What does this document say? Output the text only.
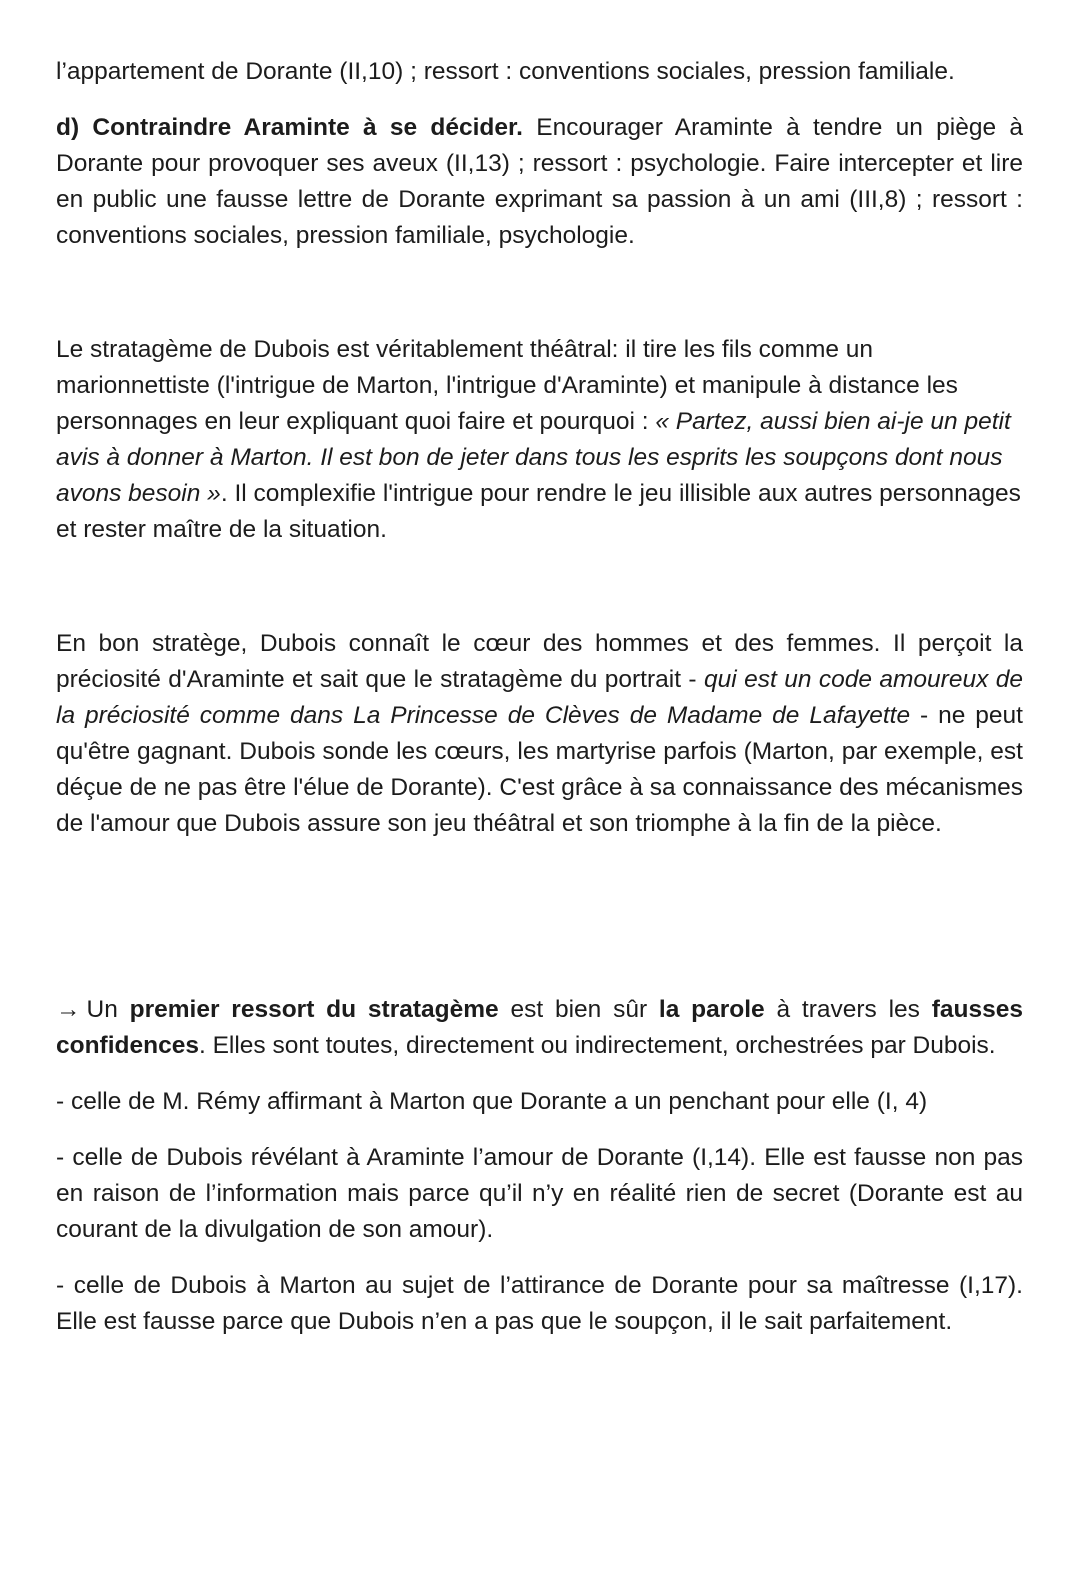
l’appartement de Dorante (II,10) ; ressort : conventions sociales, pression familiale.

d) Contraindre Araminte à se décider. Encourager Araminte à tendre un piège à Dorante pour provoquer ses aveux (II,13) ; ressort : psychologie. Faire intercepter et lire en public une fausse lettre de Dorante exprimant sa passion à un ami (III,8) ; ressort : conventions sociales, pression familiale, psychologie.

Le stratagème de Dubois est véritablement théâtral: il tire les fils comme un marionnettiste (l'intrigue de Marton, l'intrigue d'Araminte) et manipule à distance les personnages en leur expliquant quoi faire et pourquoi : « Partez, aussi bien ai-je un petit avis à donner à Marton. Il est bon de jeter dans tous les esprits les soupçons dont nous avons besoin ». Il complexifie l'intrigue pour rendre le jeu illisible aux autres personnages et rester maître de la situation.

En bon stratège, Dubois connaît le cœur des hommes et des femmes. Il perçoit la préciosité d'Araminte et sait que le stratagème du portrait - qui est un code amoureux de la préciosité comme dans La Princesse de Clèves de Madame de Lafayette - ne peut qu'être gagnant. Dubois sonde les cœurs, les martyrise parfois (Marton, par exemple, est déçue de ne pas être l'élue de Dorante). C'est grâce à sa connaissance des mécanismes de l'amour que Dubois assure son jeu théâtral et son triomphe à la fin de la pièce.

→ Un premier ressort du stratagème est bien sûr la parole à travers les fausses confidences. Elles sont toutes, directement ou indirectement, orchestrées par Dubois.

- celle de M. Rémy affirmant à Marton que Dorante a un penchant pour elle (I, 4)

- celle de Dubois révélant à Araminte l’amour de Dorante (I,14). Elle est fausse non pas en raison de l’information mais parce qu’il n’y en réalité rien de secret (Dorante est au courant de la divulgation de son amour).

- celle de Dubois à Marton au sujet de l’attirance de Dorante pour sa maîtresse (I,17). Elle est fausse parce que Dubois n’en a pas que le soupçon, il le sait parfaitement.
